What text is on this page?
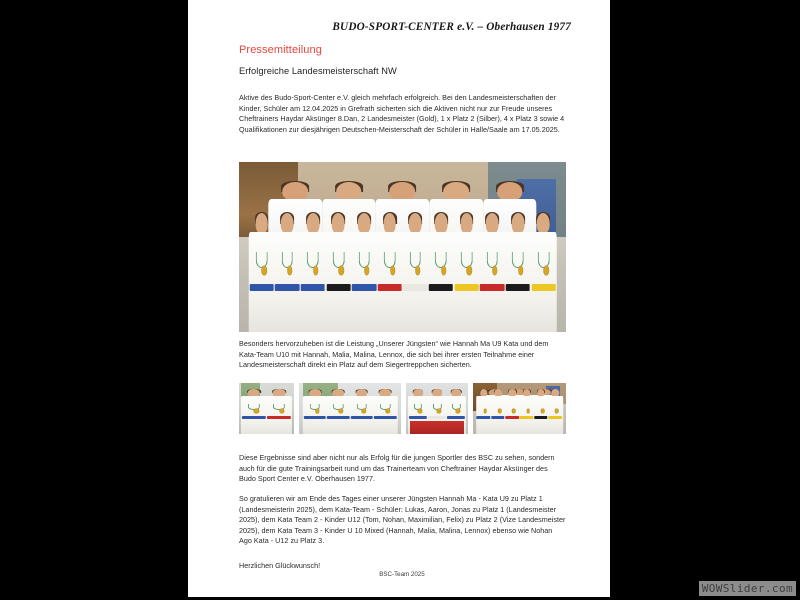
BUDO-SPORT-CENTER e.V. – Oberhausen 1977
Pressemitteilung
Erfolgreiche Landesmeisterschaft NW
Aktive des Budo-Sport-Center e.V. gleich mehrfach erfolgreich. Bei den Landesmeisterschaften der Kinder, Schüler am 12.04.2025 in Grefrath sicherten sich die Aktiven nicht nur zur Freude unseres Cheftrainers Haydar Aksünger 8.Dan, 2 Landesmeister (Gold), 1 x Platz 2 (Silber), 4 x Platz 3 sowie 4 Qualifikationen zur diesjährigen Deutschen-Meisterschaft der Schüler in Halle/Saale am 17.05.2025.
Besonders hervorzuheben ist die Leistung „Unserer Jüngsten“ wie Hannah Ma U9 Kata und dem Kata-Team U10 mit Hannah, Malia, Malina, Lennox, die sich bei ihrer ersten Teilnahme einer Landesmeisterschaft direkt ein Platz auf dem Siegertreppchen sicherten.
Diese Ergebnisse sind aber nicht nur als Erfolg für die jungen Sportler des BSC zu sehen, sondern auch für die gute Trainingsarbeit rund um das Trainerteam von Cheftrainer Haydar Aksünger des Budo Sport Center e.V. Oberhausen 1977.
So gratulieren wir am Ende des Tages einer unserer Jüngsten Hannah Ma - Kata U9 zu Platz 1 (Landesmeisterin 2025), dem Kata-Team - Schüler: Lukas, Aaron, Jonas zu Platz 1 (Landesmeister 2025), dem Kata Team 2 - Kinder U12 (Tom, Nohan, Maximilian, Felix) zu Platz 2 (Vize Landesmeister 2025), dem Kata Team 3 - Kinder U 10 Mixed (Hannah, Malia, Malina, Lennox) ebenso wie Nohan Ago Kata - U12 zu Platz 3.
Herzlichen Glückwunsch!
BSC-Team 2025
WOWSlider.com
